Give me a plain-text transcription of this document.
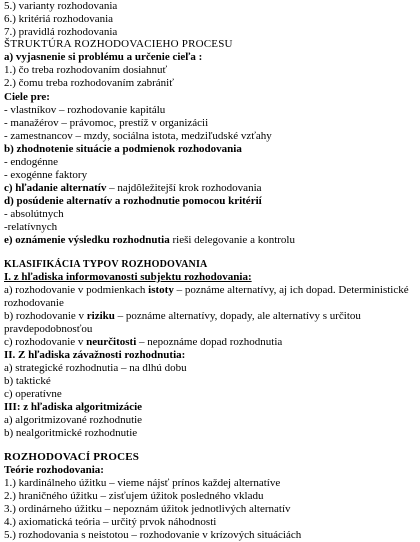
5.) varianty rozhodovania
6.) kritériá rozhodovania
7.) pravidlá rozhodovania
ŠTRUKTÚRA ROZHODOVACIEHO PROCESU
a) vyjasnenie si problému a určenie cieľa :
1.) čo treba rozhodovaním dosiahnuť
2.) čomu treba rozhodovaním zabrániť
Ciele pre:
- vlastníkov – rozhodovanie kapitálu
- manažérov – právomoc, prestíž v organizácii
- zamestnancov – mzdy, sociálna istota, medziľudské vzťahy
b) zhodnotenie situácie a podmienok rozhodovania
- endogénne
- exogénne faktory
c) hľadanie alternatív – najdôležitejší krok rozhodovania
d) posúdenie alternatív a rozhodnutie pomocou kritérií
- absolútnych
-relatívnych
e) oznámenie výsledku rozhodnutia rieši delegovanie a kontrolu
KLASIFIKÁCIA TYPOV ROZHODOVANIA
I. z hľadiska informovanosti subjektu rozhodovania:
a) rozhodovanie v podmienkach istoty – poznáme alternatívy, aj ich dopad. Deterministické
rozhodovanie
b) rozhodovanie v riziku – poznáme alternatívy, dopady, ale alternatívy s určitou
pravdepodobnosťou
c) rozhodovanie v neurčitosti – nepoznáme dopad rozhodnutia
II. Z hľadiska závažnosti rozhodnutia:
a) strategické rozhodnutia – na dlhú dobu
b) taktické
c) operatívne
III: z hľadiska algoritmizácie
a) algoritmizované rozhodnutie
b) nealgoritmické rozhodnutie
ROZHODOVACÍ PROCES
Teórie rozhodovania:
1.) kardinálneho úžitku – vieme nájsť prínos každej alternatíve
2.) hraničného úžitku – zisťujem úžitok posledného vkladu
3.) ordinárneho úžitku – nepoznám úžitok jednotlivých alternatív
4.) axiomatická teória – určitý prvok náhodnosti
5.) rozhodovania s neistotou – rozhodovanie v krízových situáciách
